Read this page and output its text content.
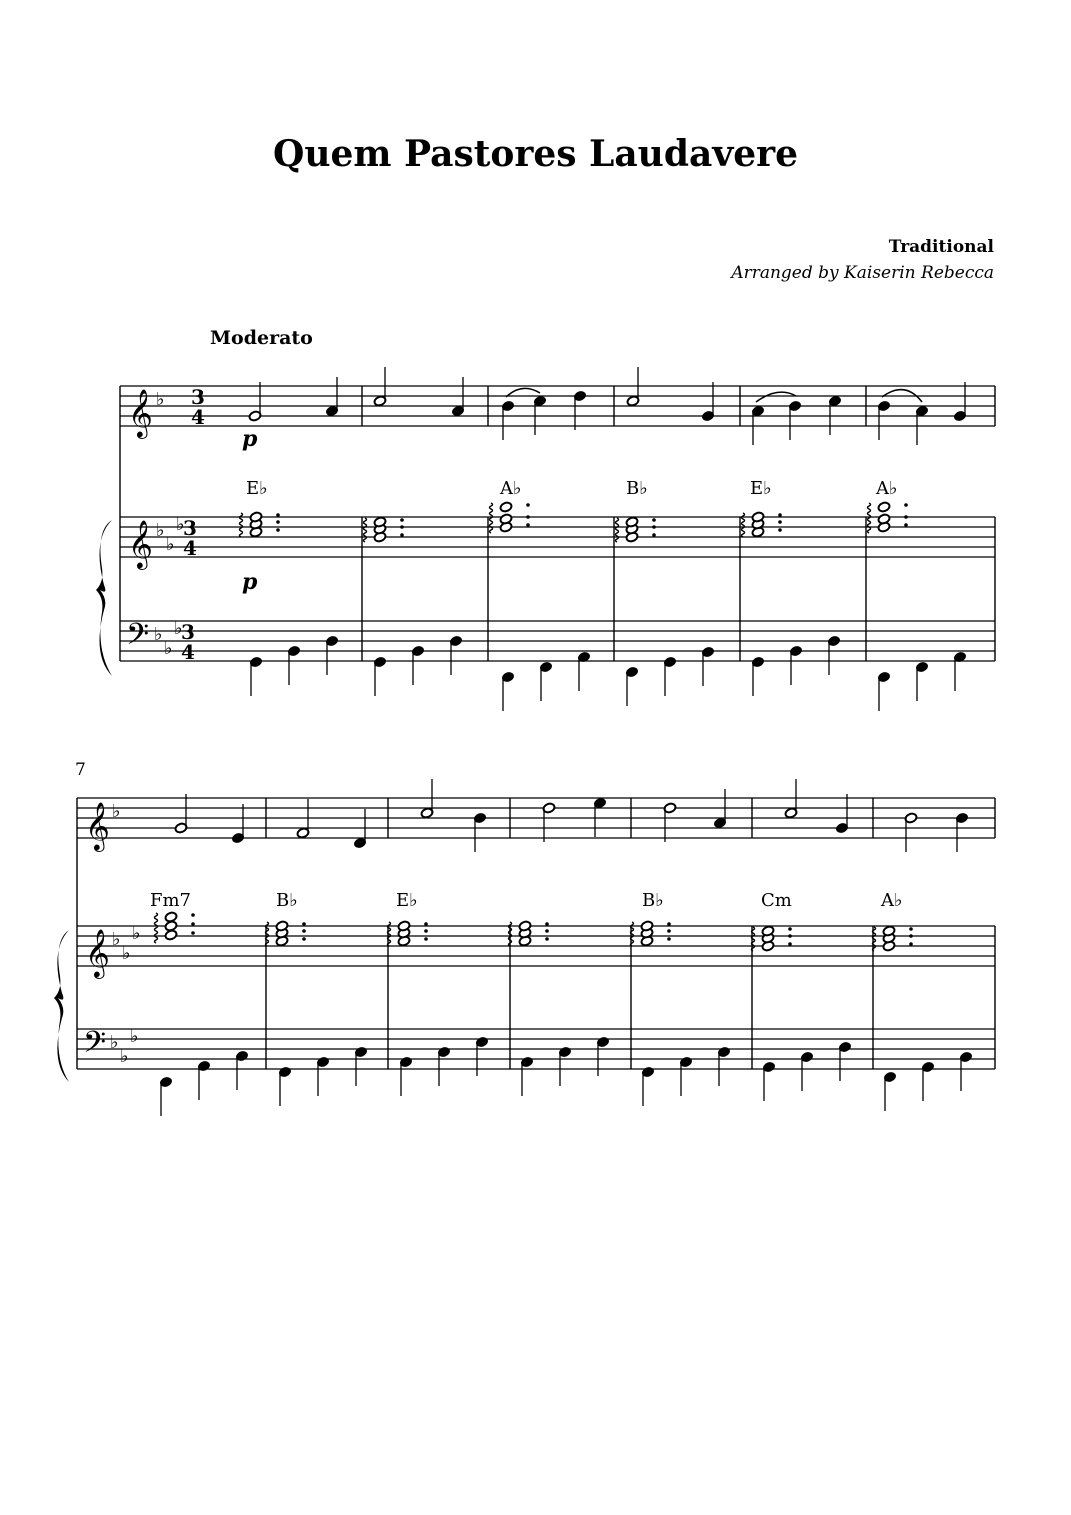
Quem Pastores Laudavere
Traditional
Arranged by Kaiserin Rebecca
Moderato
𝄞
𝄞
𝄢
♭
♭
♭
♭
♭
♭
♭
3
4
3
4
3
4
p
p
E♭	A♭	B♭	E♭	A♭
7
𝄞
𝄞
𝄢
♭
♭
♭
♭
♭
♭
♭
Fm7	B♭	E♭	B♭	Cm	A♭
